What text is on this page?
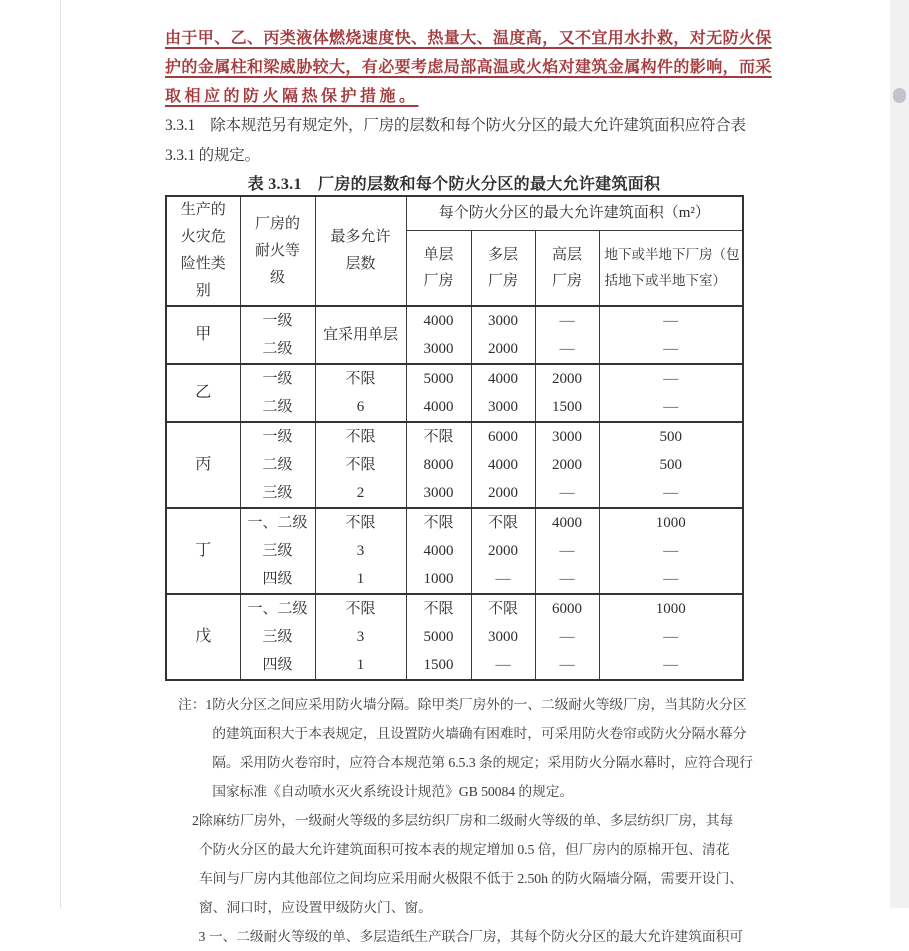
由于甲、乙、丙类液体燃烧速度快、热量大、温度高，又不宜用水扑救，对无防火保
护的金属柱和梁威胁较大，有必要考虑局部高温或火焰对建筑金属构件的影响，而采
取相应的防火隔热保护措施。
3.3.1　除本规范另有规定外，厂房的层数和每个防火分区的最大允许建筑面积应符合表
3.3.1 的规定。
表 3.3.1　厂房的层数和每个防火分区的最大允许建筑面积
生产的火灾危险性类别	厂房的耐火等级	最多允许层数	每个防火分区的最大允许建筑面积（m²）			
			单层厂房	多层厂房	高层厂房	地下或半地下厂房（包括地下或半地下室）
甲	一级	宜采用单层	4000	3000	—	—
	二级		3000	2000	—	—
乙	一级	不限	5000	4000	2000	—
	二级	6	4000	3000	1500	—
丙	一级	不限	不限	6000	3000	500
	二级	不限	8000	4000	2000	500
	三级	2	3000	2000	—	—
丁	一、二级	不限	不限	不限	4000	1000
	三级	3	4000	2000	—	—
	四级	1	1000	—	—	—
戊	一、二级	不限	不限	不限	6000	1000
	三级	3	5000	3000	—	—
	四级	1	1500	—	—	—
注： 1 防火分区之间应采用防火墙分隔。除甲类厂房外的一、二级耐火等级厂房，当其防火分区
的建筑面积大于本表规定，且设置防火墙确有困难时，可采用防火卷帘或防火分隔水幕分
隔。采用防火卷帘时，应符合本规范第 6.5.3 条的规定；采用防火分隔水幕时，应符合现行
国家标准《自动喷水灭火系统设计规范》GB 50084 的规定。
2 除麻纺厂房外，一级耐火等级的多层纺织厂房和二级耐火等级的单、多层纺织厂房，其每
个防火分区的最大允许建筑面积可按本表的规定增加 0.5 倍，但厂房内的原棉开包、清花
车间与厂房内其他部位之间均应采用耐火极限不低于 2.50h 的防火隔墙分隔，需要开设门、
窗、洞口时，应设置甲级防火门、窗。
3 一、二级耐火等级的单、多层造纸生产联合厂房，其每个防火分区的最大允许建筑面积可
